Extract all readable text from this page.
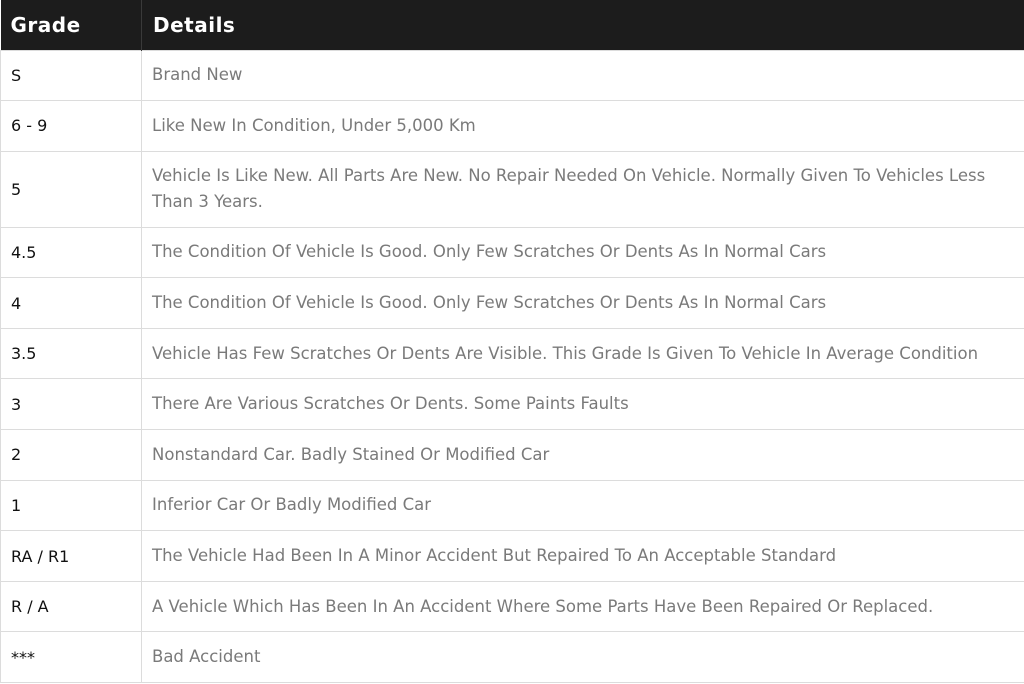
Grade	Details
S	Brand New
6 - 9	Like New In Condition, Under 5,000 Km
5	Vehicle Is Like New. All Parts Are New. No Repair Needed On Vehicle. Normally Given To Vehicles Less Than 3 Years.
4.5	The Condition Of Vehicle Is Good. Only Few Scratches Or Dents As In Normal Cars
4	The Condition Of Vehicle Is Good. Only Few Scratches Or Dents As In Normal Cars
3.5	Vehicle Has Few Scratches Or Dents Are Visible. This Grade Is Given To Vehicle In Average Condition
3	There Are Various Scratches Or Dents. Some Paints Faults
2	Nonstandard Car. Badly Stained Or Modified Car
1	Inferior Car Or Badly Modified Car
RA / R1	The Vehicle Had Been In A Minor Accident But Repaired To An Acceptable Standard
R / A	A Vehicle Which Has Been In An Accident Where Some Parts Have Been Repaired Or Replaced.
***	Bad Accident
